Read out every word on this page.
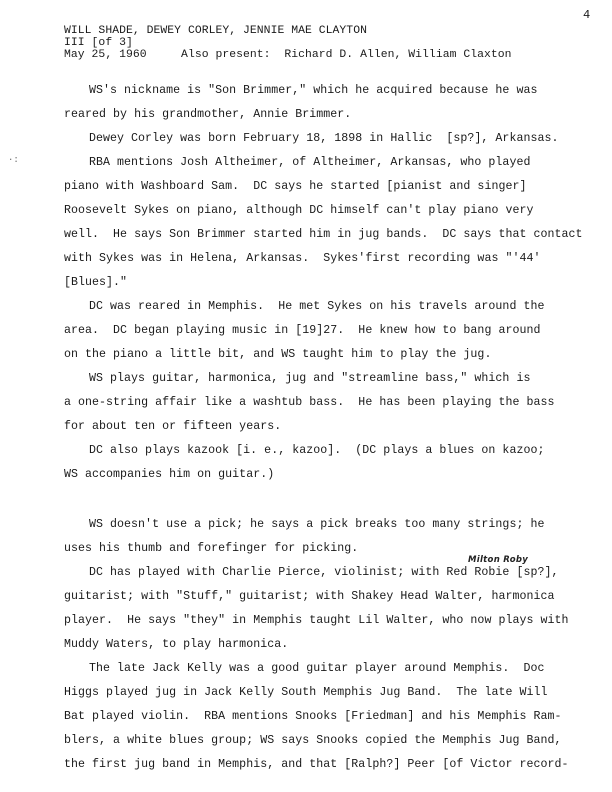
4
WILL SHADE, DEWEY CORLEY, JENNIE MAE CLAYTON
III [of 3]
May 25, 1960     Also present:  Richard D. Allen, William Claxton
·:
Milton Roby
WS's nickname is "Son Brimmer," which he acquired because he was
reared by his grandmother, Annie Brimmer.
Dewey Corley was born February 18, 1898 in Hallic  [sp?], Arkansas.
RBA mentions Josh Altheimer, of Altheimer, Arkansas, who played
piano with Washboard Sam.  DC says he started [pianist and singer]
Roosevelt Sykes on piano, although DC himself can't play piano very
well.  He says Son Brimmer started him in jug bands.  DC says that contact
with Sykes was in Helena, Arkansas.  Sykes'first recording was "'44'
[Blues]."
DC was reared in Memphis.  He met Sykes on his travels around the
area.  DC began playing music in [19]27.  He knew how to bang around
on the piano a little bit, and WS taught him to play the jug.
WS plays guitar, harmonica, jug and "streamline bass," which is
a one-string affair like a washtub bass.  He has been playing the bass
for about ten or fifteen years.
DC also plays kazook [i. e., kazoo].  (DC plays a blues on kazoo;
WS accompanies him on guitar.)
WS doesn't use a pick; he says a pick breaks too many strings; he
uses his thumb and forefinger for picking.
DC has played with Charlie Pierce, violinist; with Red Robie [sp?],
guitarist; with "Stuff," guitarist; with Shakey Head Walter, harmonica
player.  He says "they" in Memphis taught Lil Walter, who now plays with
Muddy Waters, to play harmonica.
The late Jack Kelly was a good guitar player around Memphis.  Doc
Higgs played jug in Jack Kelly South Memphis Jug Band.  The late Will
Bat played violin.  RBA mentions Snooks [Friedman] and his Memphis Ram-
blers, a white blues group; WS says Snooks copied the Memphis Jug Band,
the first jug band in Memphis, and that [Ralph?] Peer [of Victor record-
